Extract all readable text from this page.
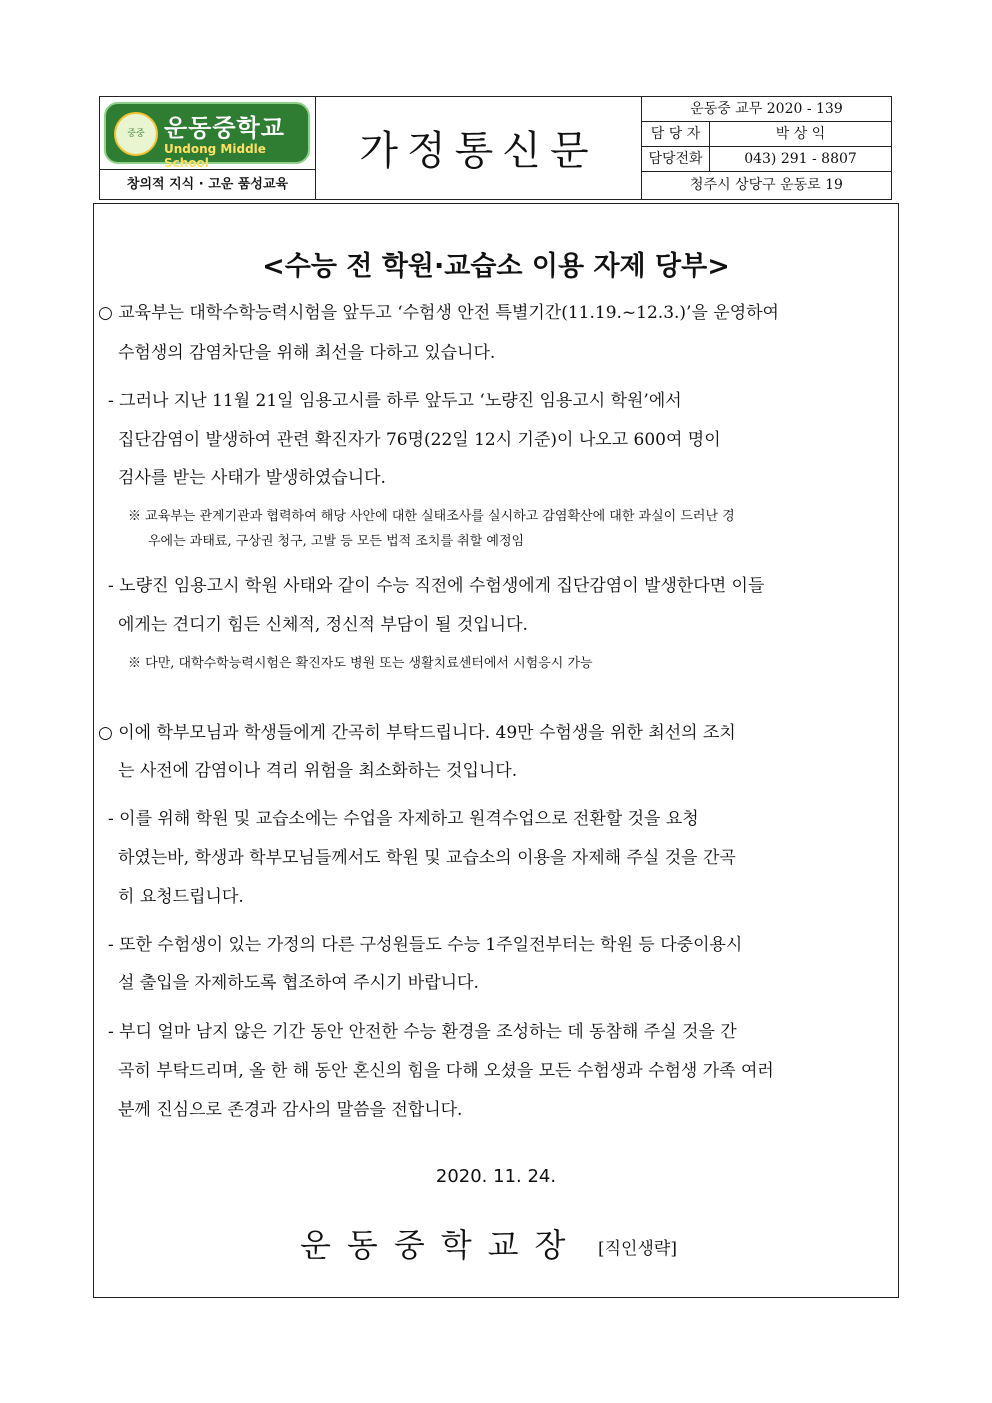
중중 운동중학교
Undong Middle School
창의적 지식 · 고운 품성교육
가정통신문
운동중 교무 2020 - 139
담 당 자	박 상 익
담당전화	043) 291 - 8807
청주시 상당구 운동로 19
<수능 전 학원·교습소 이용 자제 당부>
○ 교육부는 대학수학능력시험을 앞두고 ‘수험생 안전 특별기간(11.19.~12.3.)’을 운영하여
수험생의 감염차단을 위해 최선을 다하고 있습니다.
- 그러나 지난 11월 21일 임용고시를 하루 앞두고 ‘노량진 임용고시 학원’에서
집단감염이 발생하여 관련 확진자가 76명(22일 12시 기준)이 나오고 600여 명이
검사를 받는 사태가 발생하였습니다.
※ 교육부는 관계기관과 협력하여 해당 사안에 대한 실태조사를 실시하고 감염확산에 대한 과실이 드러난 경
우에는 과태료, 구상권 청구, 고발 등 모든 법적 조치를 취할 예정임
- 노량진 임용고시 학원 사태와 같이 수능 직전에 수험생에게 집단감염이 발생한다면 이들
에게는 견디기 힘든 신체적, 정신적 부담이 될 것입니다.
※ 다만, 대학수학능력시험은 확진자도 병원 또는 생활치료센터에서 시험응시 가능
○ 이에 학부모님과 학생들에게 간곡히 부탁드립니다. 49만 수험생을 위한 최선의 조치
는 사전에 감염이나 격리 위험을 최소화하는 것입니다.
- 이를 위해 학원 및 교습소에는 수업을 자제하고 원격수업으로 전환할 것을 요청
하였는바, 학생과 학부모님들께서도 학원 및 교습소의 이용을 자제해 주실 것을 간곡
히 요청드립니다.
- 또한 수험생이 있는 가정의 다른 구성원들도 수능 1주일전부터는 학원 등 다중이용시
설 출입을 자제하도록 협조하여 주시기 바랍니다.
- 부디 얼마 남지 않은 기간 동안 안전한 수능 환경을 조성하는 데 동참해 주실 것을 간
곡히 부탁드리며, 올 한 해 동안 혼신의 힘을 다해 오셨을 모든 수험생과 수험생 가족 여러
분께 진심으로 존경과 감사의 말씀을 전합니다.
2020. 11. 24.
운동중학교장 [직인생략]
